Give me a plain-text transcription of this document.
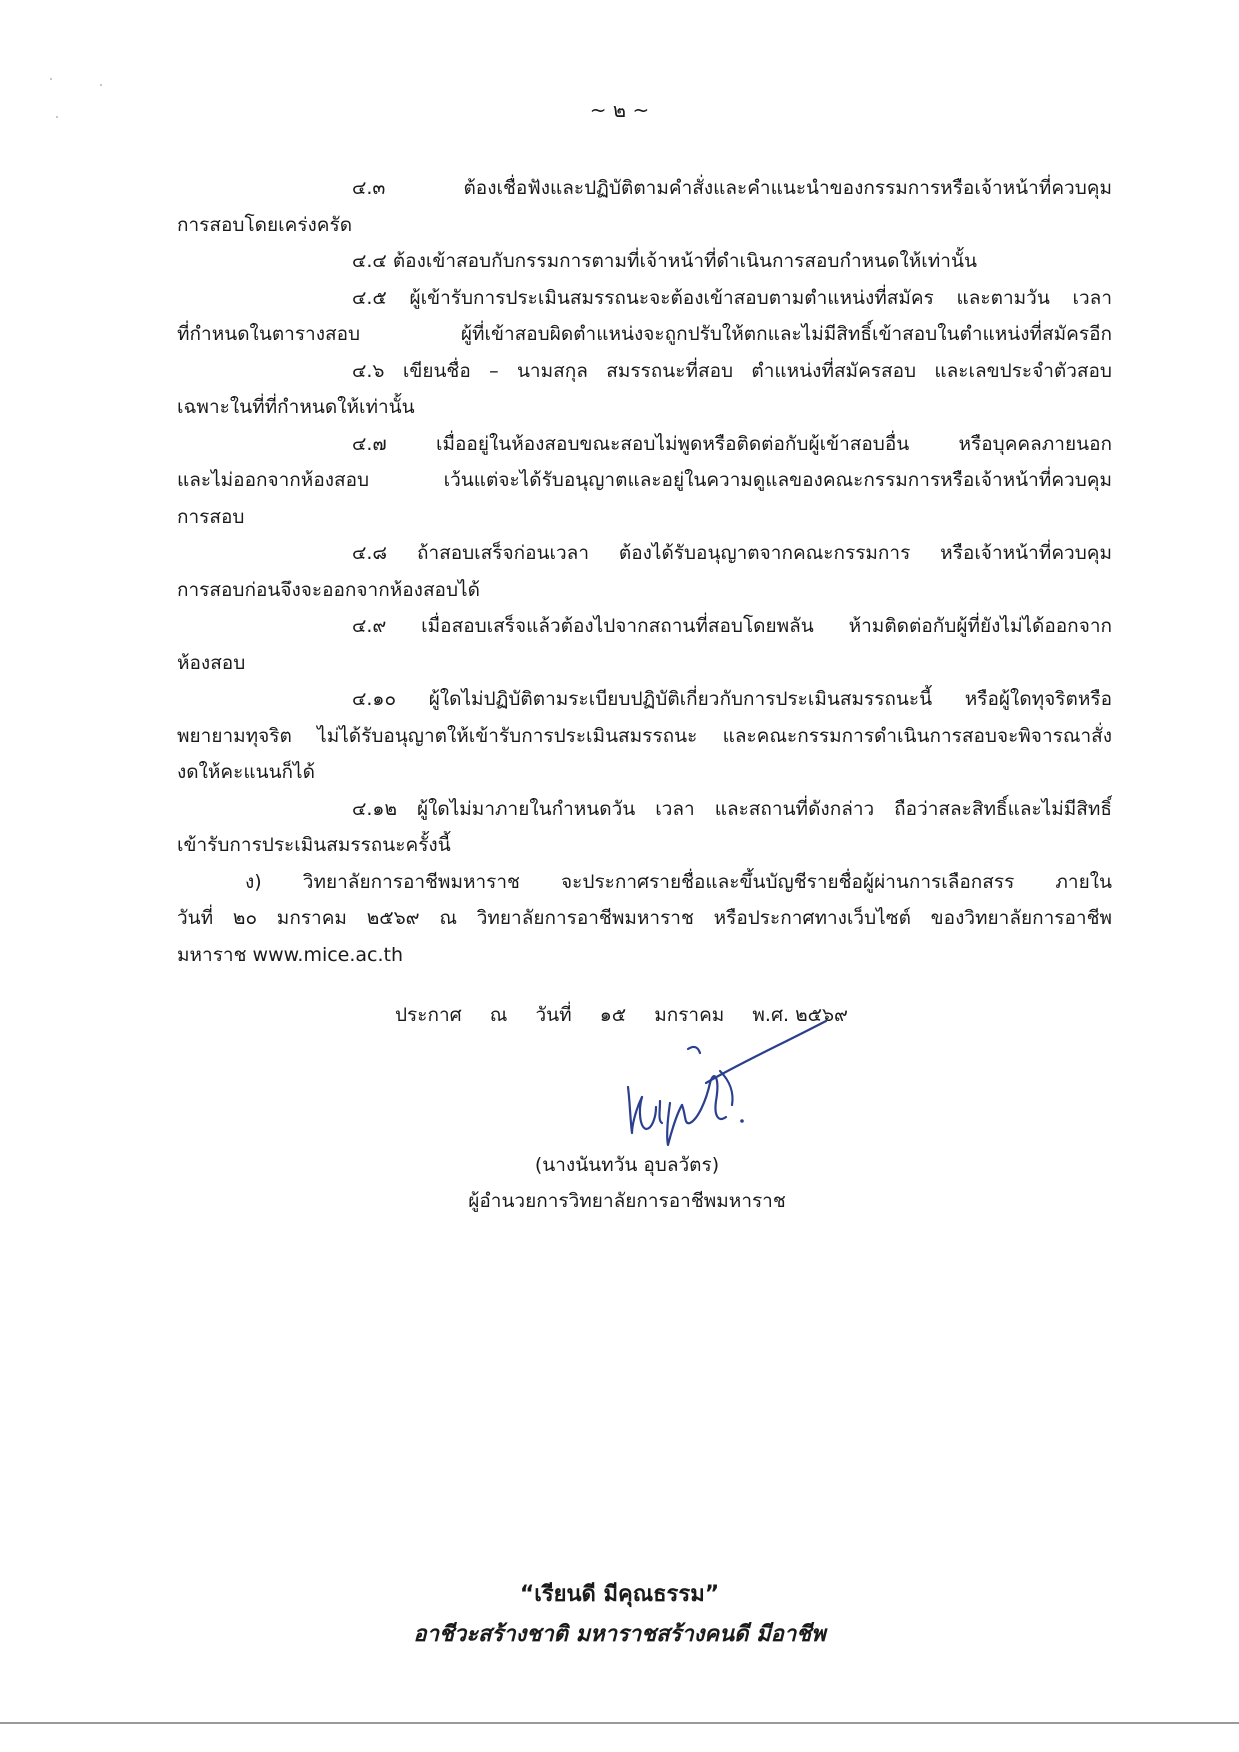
~ ๒ ~
๔.๓ ต้องเชื่อฟังและปฏิบัติตามคำสั่งและคำแนะนำของกรรมการหรือเจ้าหน้าที่ควบคุม
การสอบโดยเคร่งครัด
๔.๔ ต้องเข้าสอบกับกรรมการตามที่เจ้าหน้าที่ดำเนินการสอบกำหนดให้เท่านั้น
๔.๕ ผู้เข้ารับการประเมินสมรรถนะจะต้องเข้าสอบตามตำแหน่งที่สมัคร และตามวัน เวลา
ที่กำหนดในตารางสอบ ผู้ที่เข้าสอบผิดตำแหน่งจะถูกปรับให้ตกและไม่มีสิทธิ์เข้าสอบในตำแหน่งที่สมัครอีก
๔.๖ เขียนชื่อ – นามสกุล สมรรถนะที่สอบ ตำแหน่งที่สมัครสอบ และเลขประจำตัวสอบ
เฉพาะในที่ที่กำหนดให้เท่านั้น
๔.๗ เมื่ออยู่ในห้องสอบขณะสอบไม่พูดหรือติดต่อกับผู้เข้าสอบอื่น หรือบุคคลภายนอก
และไม่ออกจากห้องสอบ เว้นแต่จะได้รับอนุญาตและอยู่ในความดูแลของคณะกรรมการหรือเจ้าหน้าที่ควบคุม
การสอบ
๔.๘ ถ้าสอบเสร็จก่อนเวลา ต้องได้รับอนุญาตจากคณะกรรมการ หรือเจ้าหน้าที่ควบคุม
การสอบก่อนจึงจะออกจากห้องสอบได้
๔.๙ เมื่อสอบเสร็จแล้วต้องไปจากสถานที่สอบโดยพลัน ห้ามติดต่อกับผู้ที่ยังไม่ได้ออกจาก
ห้องสอบ
๔.๑๐ ผู้ใดไม่ปฏิบัติตามระเบียบปฏิบัติเกี่ยวกับการประเมินสมรรถนะนี้ หรือผู้ใดทุจริตหรือ
พยายามทุจริต ไม่ได้รับอนุญาตให้เข้ารับการประเมินสมรรถนะ และคณะกรรมการดำเนินการสอบจะพิจารณาสั่ง
งดให้คะแนนก็ได้
๔.๑๒ ผู้ใดไม่มาภายในกำหนดวัน เวลา และสถานที่ดังกล่าว ถือว่าสละสิทธิ์และไม่มีสิทธิ์
เข้ารับการประเมินสมรรถนะครั้งนี้
ง) วิทยาลัยการอาชีพมหาราช จะประกาศรายชื่อและขึ้นบัญชีรายชื่อผู้ผ่านการเลือกสรร ภายใน
วันที่ ๒๐ มกราคม ๒๕๖๙ ณ วิทยาลัยการอาชีพมหาราช หรือประกาศทางเว็บไซต์ ของวิทยาลัยการอาชีพ
มหาราช www.mice.ac.th
ประกาศ ณ วันที่ ๑๕ มกราคม พ.ศ. ๒๕๖๙
(นางนันทวัน อุบลวัตร)
ผู้อำนวยการวิทยาลัยการอาชีพมหาราช
“เรียนดี มีคุณธรรม”
อาชีวะสร้างชาติ มหาราชสร้างคนดี มีอาชีพ
